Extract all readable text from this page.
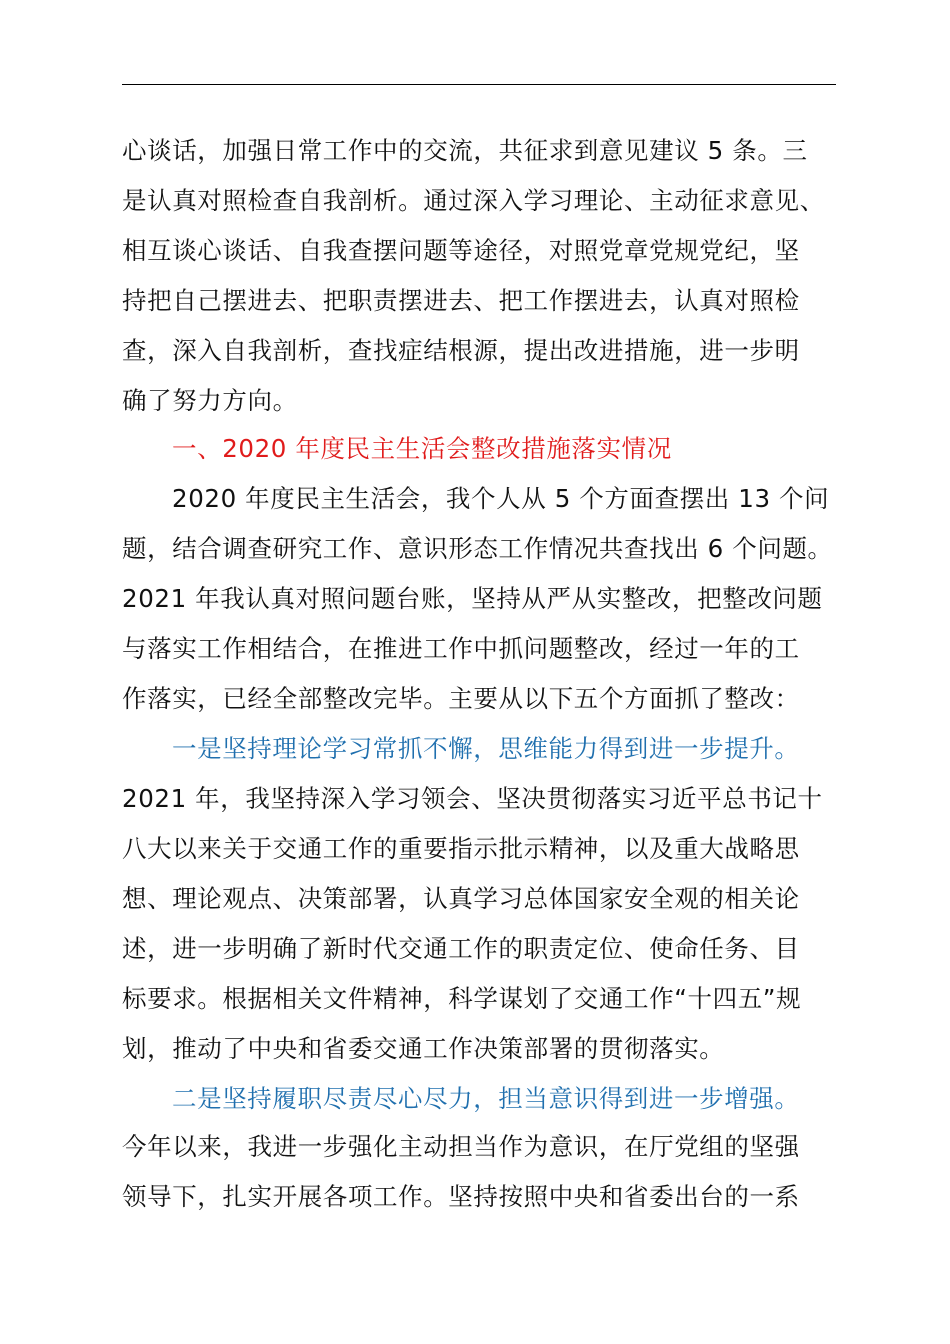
心谈话，加强日常工作中的交流，共征求到意见建议 5 条。三
是认真对照检查自我剖析。通过深入学习理论、主动征求意见、
相互谈心谈话、自我查摆问题等途径，对照党章党规党纪，坚
持把自己摆进去、把职责摆进去、把工作摆进去，认真对照检
查，深入自我剖析，查找症结根源，提出改进措施，进一步明
确了努力方向。
一、2020 年度民主生活会整改措施落实情况
2020 年度民主生活会，我个人从 5 个方面查摆出 13 个问
题，结合调查研究工作、意识形态工作情况共查找出 6 个问题。
2021 年我认真对照问题台账，坚持从严从实整改，把整改问题
与落实工作相结合，在推进工作中抓问题整改，经过一年的工
作落实，已经全部整改完毕。主要从以下五个方面抓了整改：
一是坚持理论学习常抓不懈，思维能力得到进一步提升。
2021 年，我坚持深入学习领会、坚决贯彻落实习近平总书记十
八大以来关于交通工作的重要指示批示精神，以及重大战略思
想、理论观点、决策部署，认真学习总体国家安全观的相关论
述，进一步明确了新时代交通工作的职责定位、使命任务、目
标要求。根据相关文件精神，科学谋划了交通工作“十四五”规
划，推动了中央和省委交通工作决策部署的贯彻落实。
二是坚持履职尽责尽心尽力，担当意识得到进一步增强。
今年以来，我进一步强化主动担当作为意识，在厅党组的坚强
领导下，扎实开展各项工作。坚持按照中央和省委出台的一系
